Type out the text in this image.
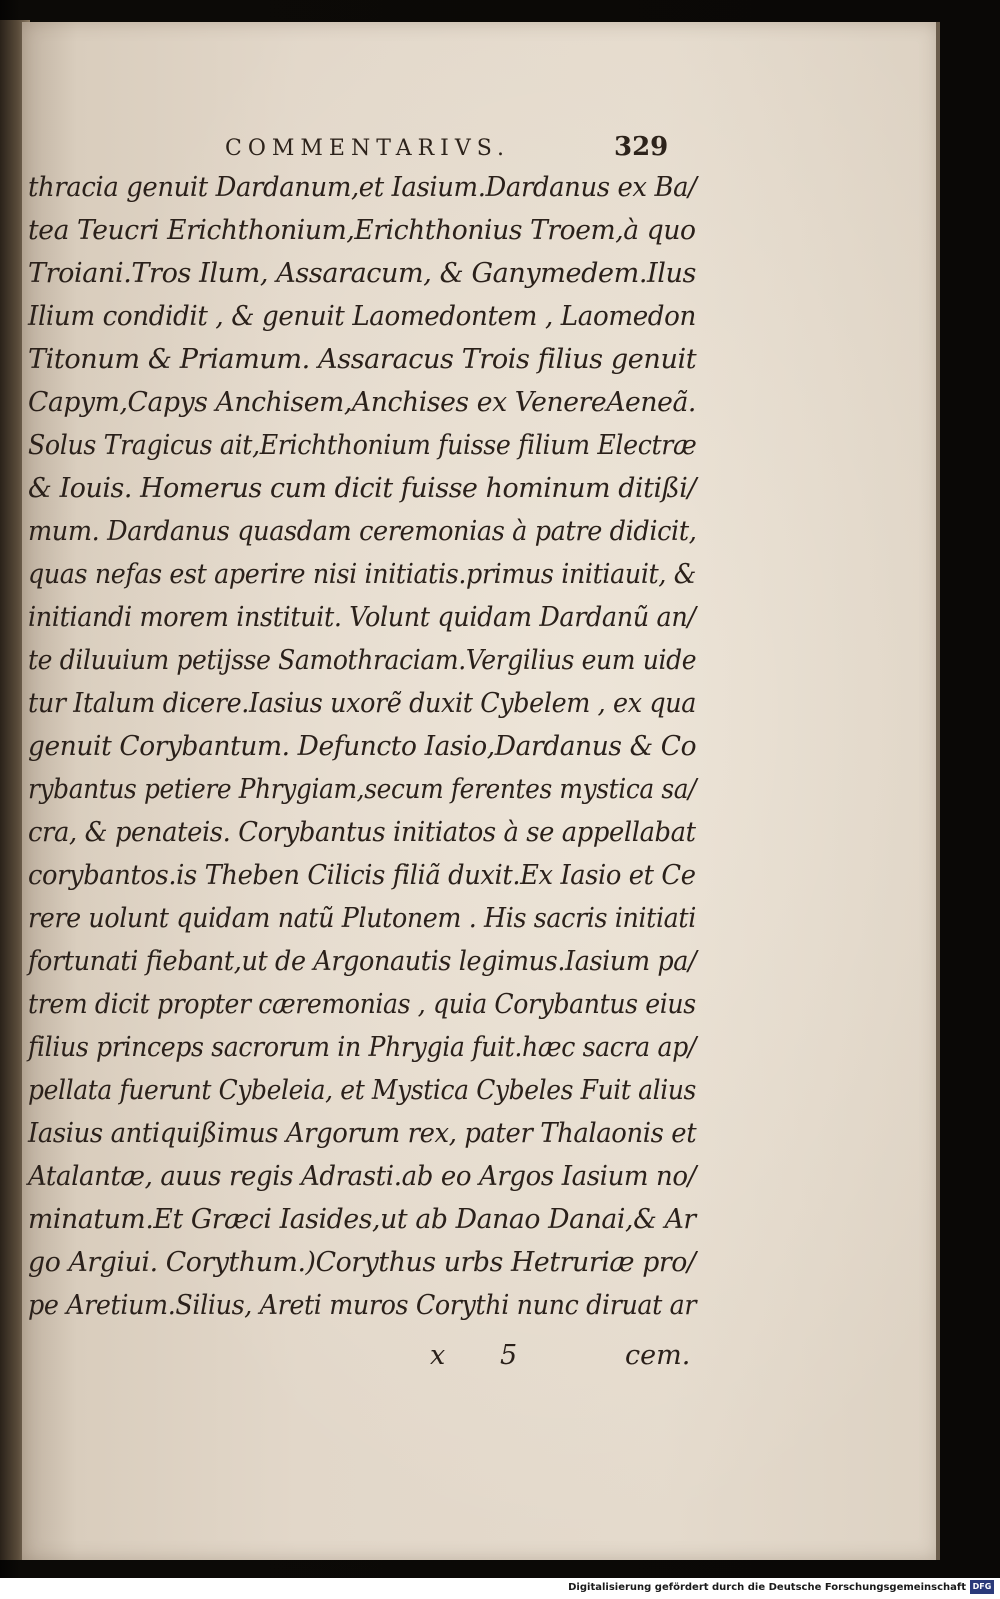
COMMENTARIVS.	329
thracia genuit Dardanum,et Iasium.Dardanus ex Ba/
tea Teucri Erichthonium,Erichthonius Troem,à quo
Troiani.Tros Ilum, Assaracum, & Ganymedem.Ilus
Ilium condidit , & genuit Laomedontem , Laomedon
Titonum & Priamum. Assaracus Trois filius genuit
Capym,Capys Anchisem,Anchises ex VenereAeneã.
Solus Tragicus ait,Erichthonium fuisse filium Electræ
& Iouis. Homerus cum dicit fuisse hominum ditißi/
mum. Dardanus quasdam ceremonias à patre didicit,
quas nefas est aperire nisi initiatis.primus initiauit, &
initiandi morem instituit. Volunt quidam Dardanũ an/
te diluuium petijsse Samothraciam.Vergilius eum uide
tur Italum dicere.Iasius uxorẽ duxit Cybelem , ex qua
genuit Corybantum. Defuncto Iasio,Dardanus & Co
rybantus petiere Phrygiam,secum ferentes mystica sa/
cra, & penateis. Corybantus initiatos à se appellabat
corybantos.is Theben Cilicis filiã duxit.Ex Iasio et Ce
rere uolunt quidam natũ Plutonem . His sacris initiati
fortunati fiebant,ut de Argonautis legimus.Iasium pa/
trem dicit propter cæremonias , quia Corybantus eius
filius princeps sacrorum in Phrygia fuit.hæc sacra ap/
pellata fuerunt Cybeleia, et Mystica Cybeles Fuit alius
Iasius antiquißimus Argorum rex, pater Thalaonis et
Atalantæ, auus regis Adrasti.ab eo Argos Iasium no/
minatum.Et Græci Iasides,ut ab Danao Danai,& Ar
go Argiui. Corythum.)Corythus urbs Hetruriæ pro/
pe Aretium.Silius, Areti muros Corythi nunc diruat ar
x 5	cem.
Digitalisierung gefördert durch die Deutsche Forschungsgemeinschaft DFG
